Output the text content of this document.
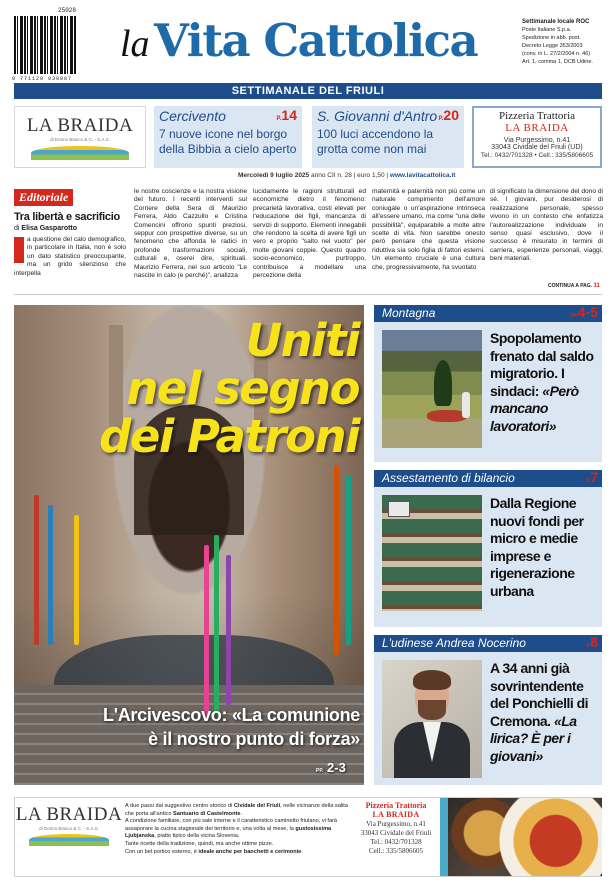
25028
9 771120 939007
la Vita Cattolica	Settimanale locale ROC
Poste Italiane S.p.a.
Spedizione in abb. post.
Decreto Legge 353/2003
(conv. in L. 27/2/2004 n. 46)
Art. 1, comma 1, DCB Udine.
SETTIMANALE DEL FRIULI
LA BRAIDA
di Dorino Bianco & C. - S.A.S.
Cercivento	P.14
7 nuove icone nel borgo della Bibbia a cielo aperto
S. Giovanni d'Antro P.20
100 luci accendono la grotta come non mai
Pizzeria Trattoria
LA BRAIDA
Via Purgessimo, n.41
33043 Cividale del Friuli (UD)
Tel.: 0432/701328 • Cell.: 335/5806605
Mercoledì 9 luglio 2025 anno CII n. 28 | euro 1,50 | www.lavitacattolica.it
Editoriale
Tra libertà e sacrificio
di Elisa Gasparotto
a questione del calo demografico, in particolare in Italia, non è solo un dato statistico preoccupante, ma un grido silenzioso che interpella
le nostre coscienze e la nostra visione del futuro. I recenti interventi sul Corriere della Sera di Maurizio Ferrera, Aldo Cazzullo e Cristina Comencini offrono spunti preziosi, seppur con prospettive diverse, su un fenomeno che affonda le radici in profonde trasformazioni sociali, culturali e, oserei dire, spirituali. Maurizio Ferrera, nel suo articolo "Le nascite in calo (e perché)", analizza
lucidamente le ragioni strutturali ed economiche dietro il fenomeno: precarietà lavorativa, costi elevati per l'educazione dei figli, mancanza di servizi di supporto. Elementi innegabili che rendono la scelta di avere figli un vero e proprio "salto nel vuoto" per molte giovani coppie. Questo quadro socio-economico, purtroppo, contribuisce a modellare una percezione della
maternità e paternità non più come un naturale compimento dell'amore coniugale o un'aspirazione intrinseca all'essere umano, ma come "una delle possibilità", equiparabile a molte altre scelte di vita. Non sarebbe onesto però pensare che questa visione riduttiva sia solo figlia di fattori esterni. Un elemento cruciale è una cultura che, progressivamente, ha svuotato
di significato la dimensione del dono di sé. I giovani, pur desiderosi di realizzazione personale, spesso vivono in un contesto che enfatizza l'autorealizzazione individuale in senso quasi esclusivo, dove il successo è misurato in termini di carriera, esperienze personali, viaggi, beni materiali.
CONTINUA A PAG. 11
Uniti
nel segno
dei Patroni
L'Arcivescovo: «La comunione
è il nostro punto di forza»
PP. 2-3
Montagna	PP.4-5
Spopolamento frenato dal saldo migratorio. I sindaci: «Però mancano lavoratori»
Assestamento di bilancio	P.7
Dalla Regione nuovi fondi per micro e medie imprese e rigenerazione urbana
L'udinese Andrea Nocerino	P.8
A 34 anni già sovrintendente del Ponchielli di Cremona. «La lirica? È per i giovani»
LA BRAIDA
di Dorino Bianco & C. - S.A.S.
A due passi dal suggestivo centro storico di Cividale del Friuli, nelle vicinanze della salita che porta all'antico Santuario di Castelmonte.
A condizione familiare, con più sale interne e il caratteristico caminetto friulano, vi farà assaporare la cucina stagionale del territorio e, una volta al mese, la gustosissima Ljubjanska, piatto tipico della vicina Slovenia.
Tante ricette della tradizione, quindi, ma anche ottime pizze.
Con un bel portico esterno, è ideale anche per banchetti e cerimonie.
Pizzeria Trattoria
LA BRAIDA
Via Purgessimo, n.41
33043 Cividale del Friuli
Tel.: 0432/701328
Cell.: 335/5806605
